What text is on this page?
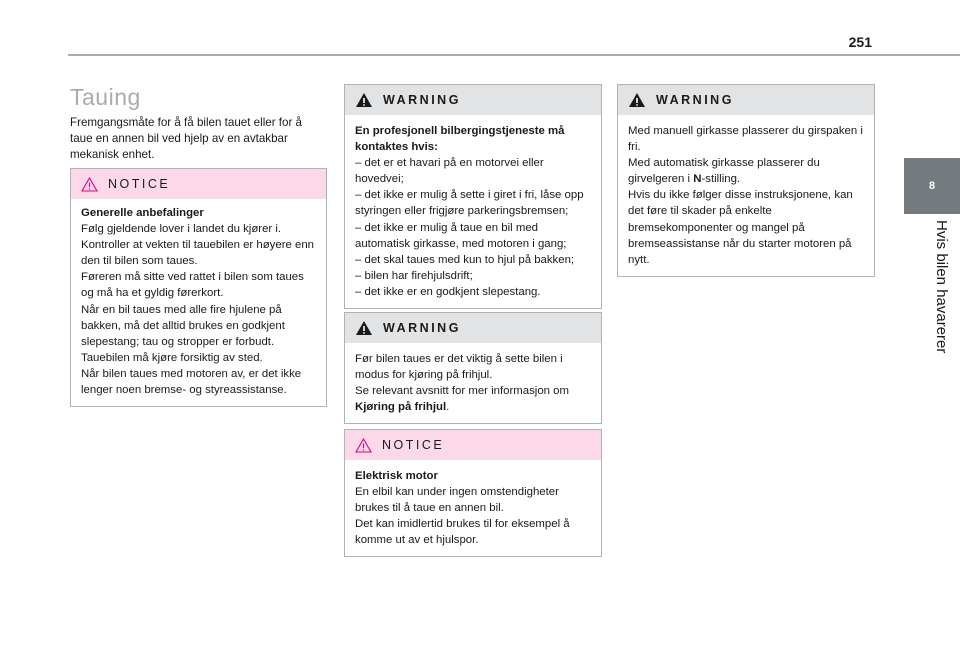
251
8
Hvis bilen havarerer
Tauing
Fremgangsmåte for å få bilen tauet eller for å taue en annen bil ved hjelp av en avtakbar mekanisk enhet.
NOTICE

Generelle anbefalinger

Følg gjeldende lover i landet du kjører i.

Kontroller at vekten til tauebilen er høyere enn den til bilen som taues.

Føreren må sitte ved rattet i bilen som taues og må ha et gyldig førerkort.

Når en bil taues med alle fire hjulene på bakken, må det alltid brukes en godkjent slepestang; tau og stropper er forbudt.

Tauebilen må kjøre forsiktig av sted.

Når bilen taues med motoren av, er det ikke lenger noen bremse- og styreassistanse.

WARNING

En profesjonell bilbergingstjeneste må kontaktes hvis:

– det er et havari på en motorvei eller hovedvei;

– det ikke er mulig å sette i giret i fri, låse opp styringen eller frigjøre parkeringsbremsen;

– det ikke er mulig å taue en bil med automatisk girkasse, med motoren i gang;

– det skal taues med kun to hjul på bakken;

– bilen har firehjulsdrift;

– det ikke er en godkjent slepestang.

WARNING

Før bilen taues er det viktig å sette bilen i modus for kjøring på frihjul.

Se relevant avsnitt for mer informasjon om Kjøring på frihjul.

NOTICE

Elektrisk motor

En elbil kan under ingen omstendigheter brukes til å taue en annen bil.

Det kan imidlertid brukes til for eksempel å komme ut av et hjulspor.

WARNING

Med manuell girkasse plasserer du girspaken i fri.

Med automatisk girkasse plasserer du girvelgeren i N-stilling.

Hvis du ikke følger disse instruksjonene, kan det føre til skader på enkelte bremsekomponenter og mangel på bremseassistanse når du starter motoren på nytt.
